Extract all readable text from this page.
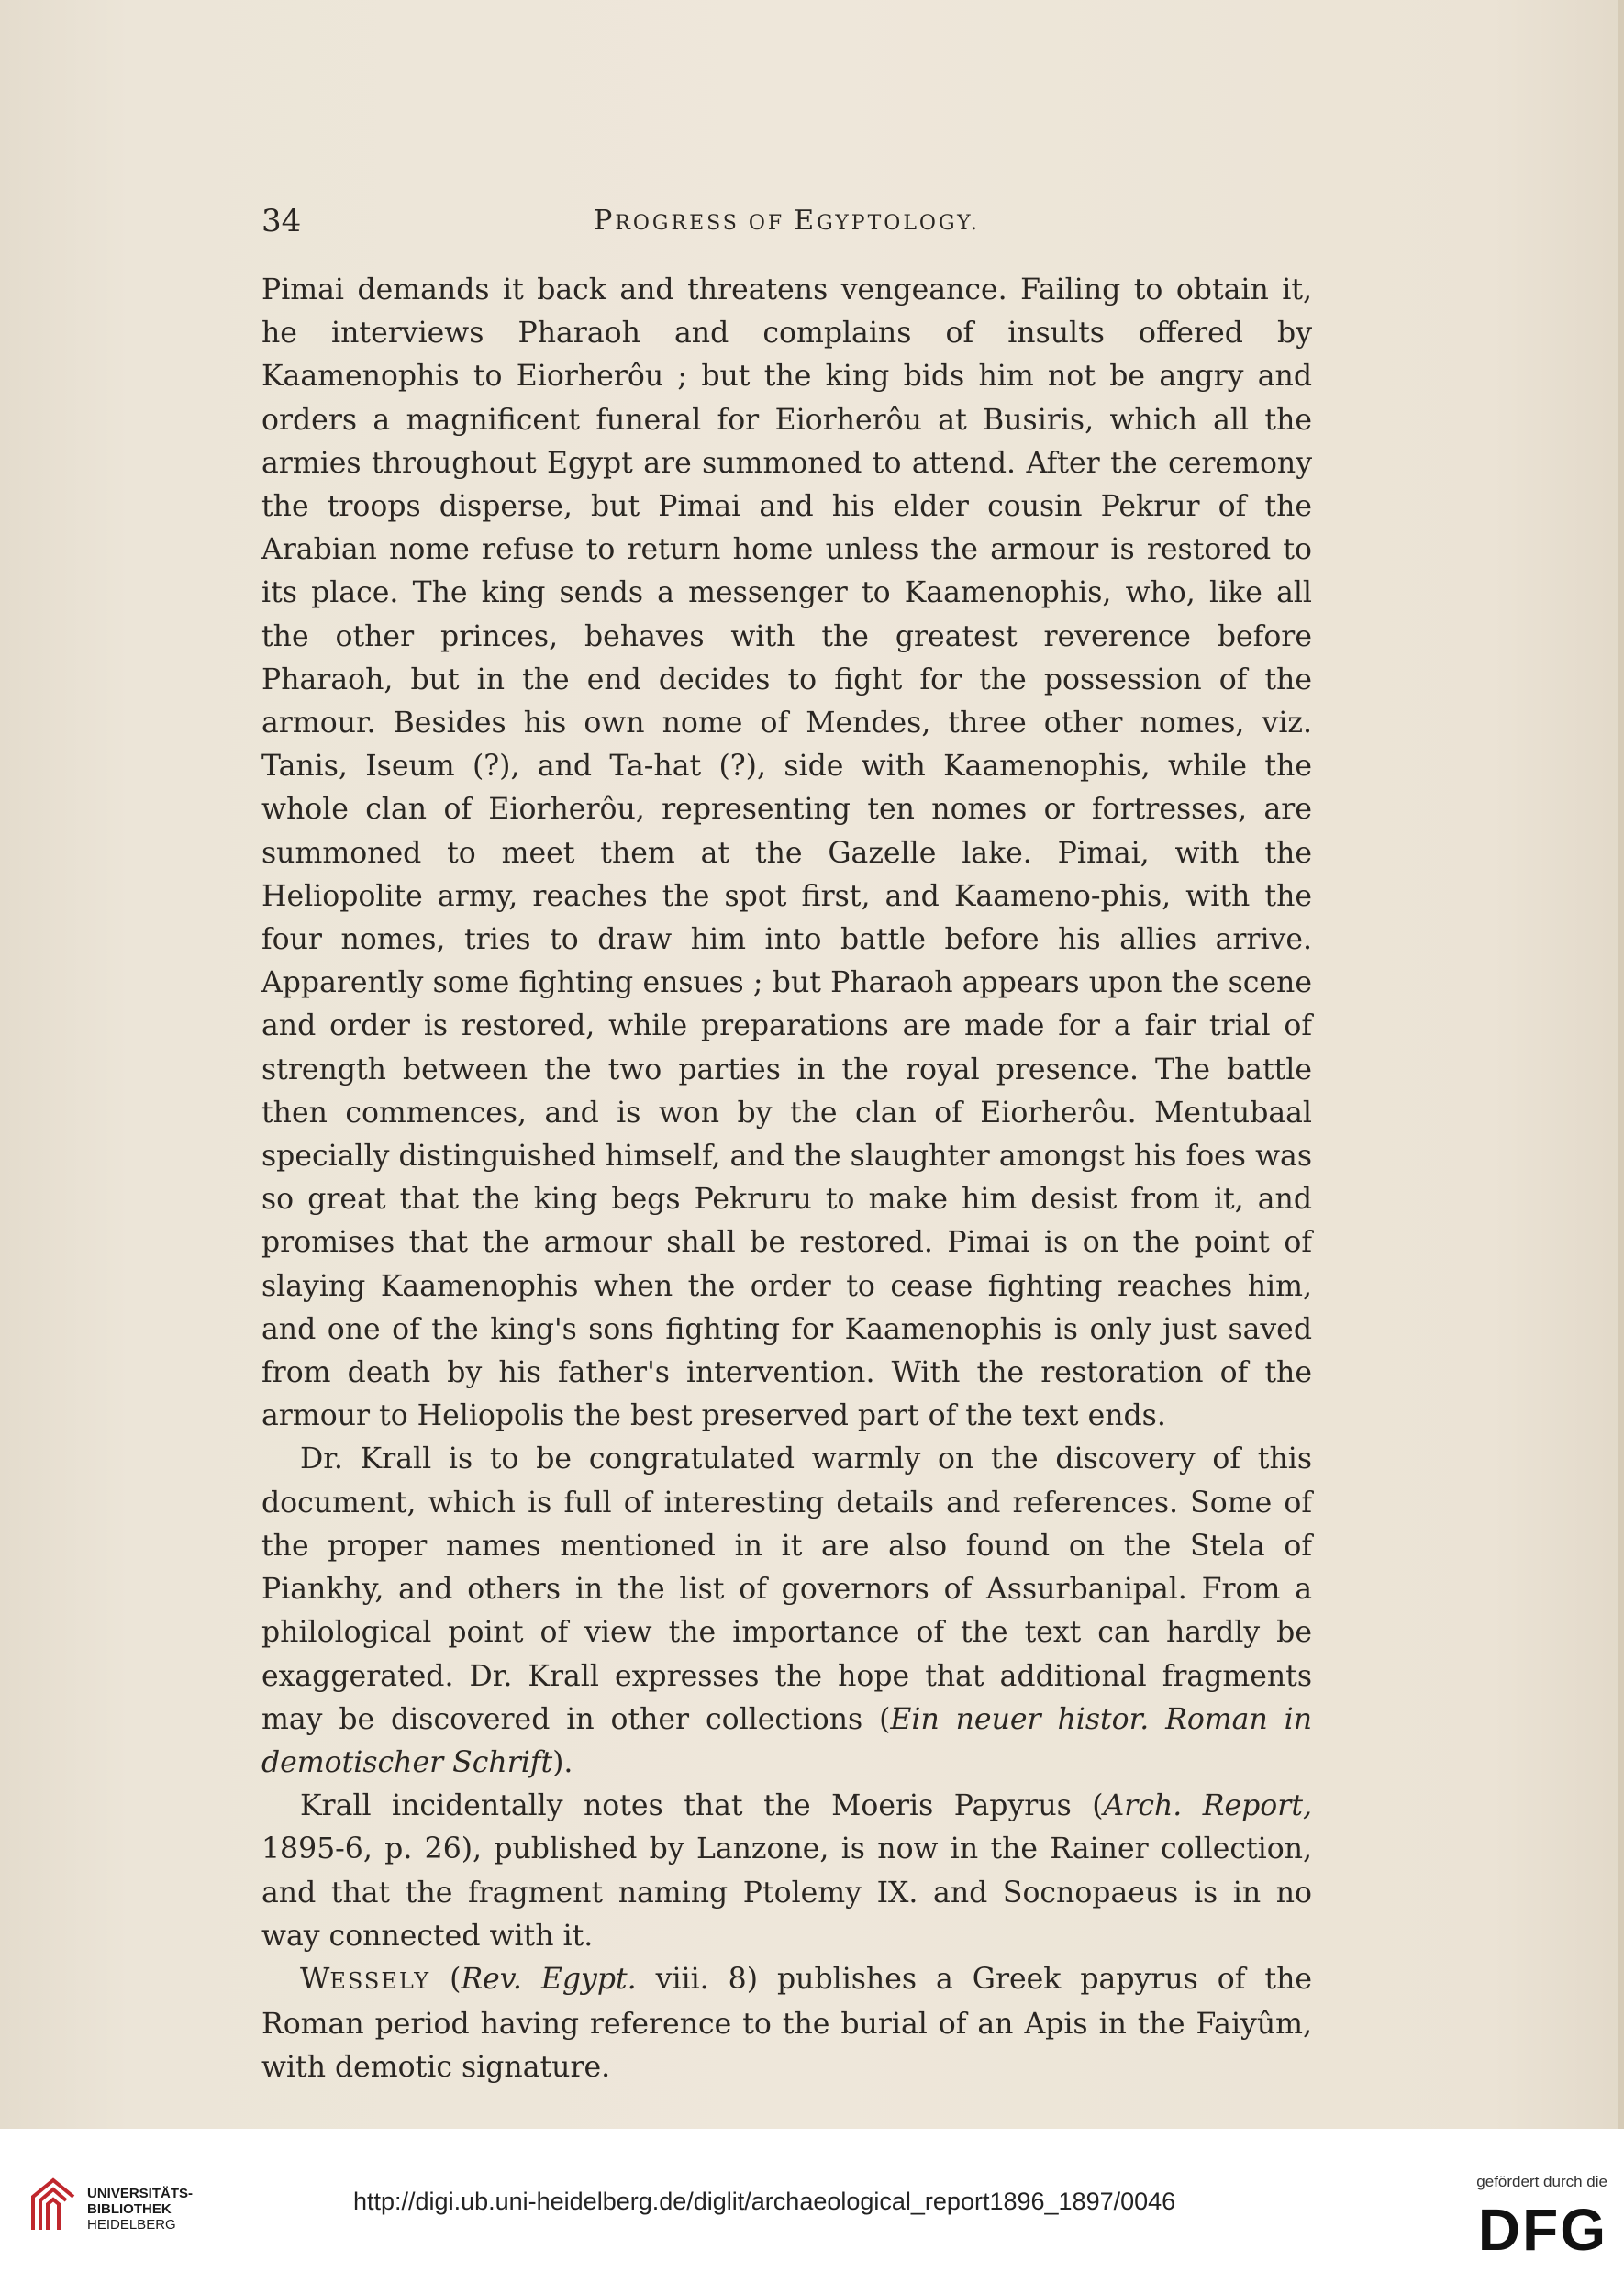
34	PROGRESS OF EGYPTOLOGY.

Pimai demands it back and threatens vengeance. Failing to obtain it, he interviews Pharaoh and complains of insults offered by Kaamenophis to Eiorherôu ; but the king bids him not be angry and orders a magnificent funeral for Eiorherôu at Busiris, which all the armies throughout Egypt are summoned to attend. After the ceremony the troops disperse, but Pimai and his elder cousin Pekrur of the Arabian nome refuse to return home unless the armour is restored to its place. The king sends a messenger to Kaamenophis, who, like all the other princes, behaves with the greatest reverence before Pharaoh, but in the end decides to fight for the possession of the armour. Besides his own nome of Mendes, three other nomes, viz. Tanis, Iseum (?), and Ta-hat (?), side with Kaamenophis, while the whole clan of Eiorherôu, representing ten nomes or fortresses, are summoned to meet them at the Gazelle lake. Pimai, with the Heliopolite army, reaches the spot first, and Kaameno-phis, with the four nomes, tries to draw him into battle before his allies arrive. Apparently some fighting ensues ; but Pharaoh appears upon the scene and order is restored, while preparations are made for a fair trial of strength between the two parties in the royal presence. The battle then commences, and is won by the clan of Eiorherôu. Mentubaal specially distinguished himself, and the slaughter amongst his foes was so great that the king begs Pekruru to make him desist from it, and promises that the armour shall be restored. Pimai is on the point of slaying Kaamenophis when the order to cease fighting reaches him, and one of the king's sons fighting for Kaamenophis is only just saved from death by his father's intervention. With the restoration of the armour to Heliopolis the best preserved part of the text ends.

Dr. Krall is to be congratulated warmly on the discovery of this document, which is full of interesting details and references. Some of the proper names mentioned in it are also found on the Stela of Piankhy, and others in the list of governors of Assurbanipal. From a philological point of view the importance of the text can hardly be exaggerated. Dr. Krall expresses the hope that additional fragments may be discovered in other collections (Ein neuer histor. Roman in demotischer Schrift).

Krall incidentally notes that the Moeris Papyrus (Arch. Report, 1895-6, p. 26), published by Lanzone, is now in the Rainer collection, and that the fragment naming Ptolemy IX. and Socnopaeus is in no way connected with it.

WESSELY (Rev. Egypt. viii. 8) publishes a Greek papyrus of the Roman period having reference to the burial of an Apis in the Faiyûm, with demotic signature.

UNIVERSITÄTS-
BIBLIOTHEK
HEIDELBERG
http://digi.ub.uni-heidelberg.de/diglit/archaeological_report1896_1897/0046
gefördert durch die
DFG
